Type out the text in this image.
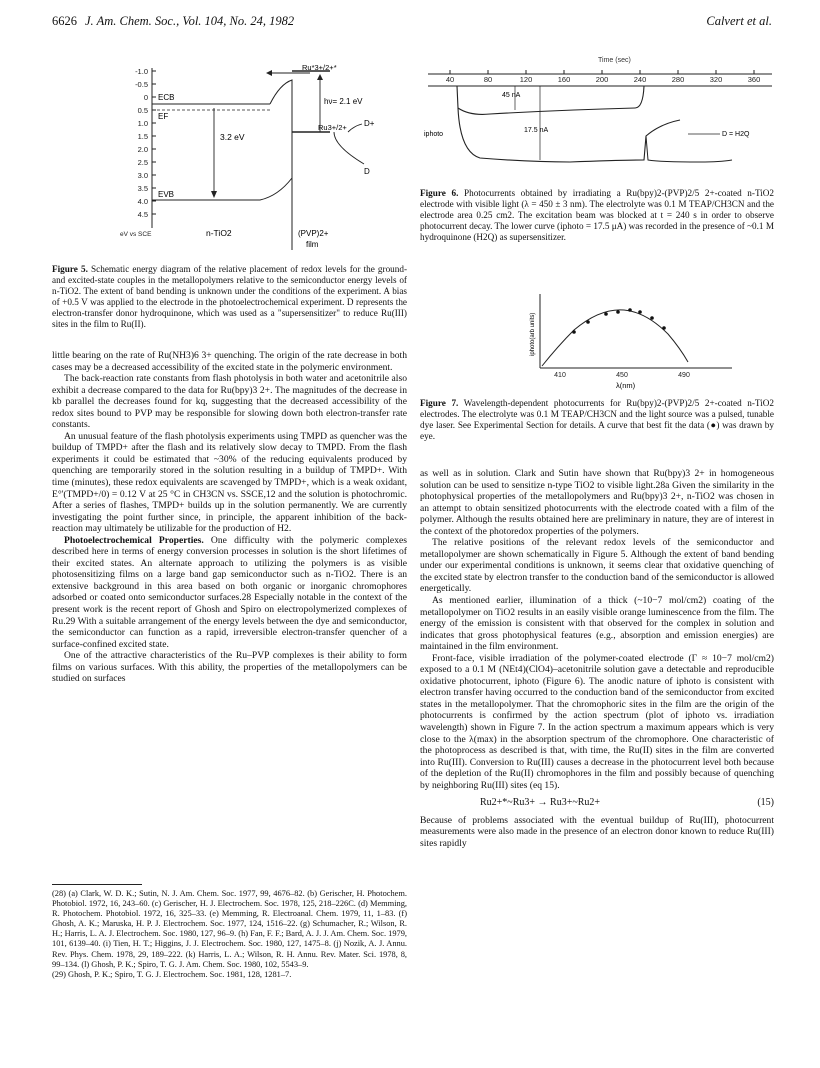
6626 J. Am. Chem. Soc., Vol. 104, No. 24, 1982	Calvert et al.
-1.0
-0.5
0
0.5
1.0
1.5
2.0
2.5
3.0
3.5
4.0
4.5
eV vs SCE
ECB
EF
EVB
3.2 eV
Ru*3+/2+*
Ru3+/2+
hν= 2.1 eV
D+
D
n-TiO2	(PVP)2+
film
Figure 5. Schematic energy diagram of the relative placement of redox levels for the ground- and excited-state couples in the metallopolymers relative to the semiconductor energy levels of n-TiO2. The extent of band bending is unknown under the conditions of the experiment. A bias of +0.5 V was applied to the electrode in the photoelectrochemical experiment. D represents the electron-transfer donor hydroquinone, which was used as a "supersensitizer" to reduce Ru(III) sites in the film to Ru(II).

little bearing on the rate of Ru(NH3)6 3+ quenching. The origin of the rate decrease in both cases may be a decreased accessibility of the excited state in the polymeric environment.

The back-reaction rate constants from flash photolysis in both water and acetonitrile also exhibit a decrease compared to the data for Ru(bpy)3 2+. The magnitudes of the decrease in kb parallel the decreases found for kq, suggesting that the decreased accessibility of the redox sites bound to PVP may be responsible for slowing down both electron-transfer rate constants.

An unusual feature of the flash photolysis experiments using TMPD as quencher was the buildup of TMPD+ after the flash and its relatively slow decay to TMPD. From the flash experiments it could be estimated that ~30% of the reducing equivalents produced by quenching are temporarily stored in the solution resulting in a buildup of TMPD+. With time (minutes), these redox equivalents are scavenged by TMPD+, which is a weak oxidant, E°'(TMPD+/0) = 0.12 V at 25 °C in CH3CN vs. SSCE,12 and the solution is photochromic. After a series of flashes, TMPD+ builds up in the solution permanently. We are currently investigating the point further since, in principle, the apparent inhibition of the back-reaction may ultimately be utilizable for the production of H2.

Photoelectrochemical Properties. One difficulty with the polymeric complexes described here in terms of energy conversion processes in solution is the short lifetimes of their excited states. An alternate approach to utilizing the polymers is as visible photosensitizing films on a large band gap semiconductor such as n-TiO2. There is an extensive background in this area based on both organic or inorganic chromophores adsorbed or coated onto semiconductor surfaces.28 Especially notable in the context of the present work is the recent report of Ghosh and Spiro on electropolymerized complexes of Ru.29 With a suitable arrangement of the energy levels between the dye and semiconductor, the semiconductor can function as a rapid, irreversible electron-transfer quencher of a surface-confined excited state.

One of the attractive characteristics of the Ru–PVP complexes is their ability to form films on various surfaces. With this ability, the properties of the metallopolymers can be studied on surfaces

(28) (a) Clark, W. D. K.; Sutin, N. J. Am. Chem. Soc. 1977, 99, 4676–82. (b) Gerischer, H. Photochem. Photobiol. 1972, 16, 243–60. (c) Gerischer, H. J. Electrochem. Soc. 1978, 125, 218–226C. (d) Memming, R. Photochem. Photobiol. 1972, 16, 325–33. (e) Memming, R. Electroanal. Chem. 1979, 11, 1–83. (f) Ghosh, A. K.; Maruska, H. P. J. Electrochem. Soc. 1977, 124, 1516–22. (g) Schumacher, R.; Wilson, R. H.; Harris, L. A. J. Electrochem. Soc. 1980, 127, 96–9. (h) Fan, F. F.; Bard, A. J. J. Am. Chem. Soc. 1979, 101, 6139–40. (i) Tien, H. T.; Higgins, J. J. Electrochem. Soc. 1980, 127, 1475–8. (j) Nozik, A. J. Annu. Rev. Phys. Chem. 1978, 29, 189–222. (k) Harris, L. A.; Wilson, R. H. Annu. Rev. Mater. Sci. 1978, 8, 99–134. (l) Ghosh, P. K.; Spiro, T. G. J. Am. Chem. Soc. 1980, 102, 5543–9.

(29) Ghosh, P. K.; Spiro, T. G. J. Electrochem. Soc. 1981, 128, 1281–7.

Time (sec)
40	80	120	160	200	240	280	320	360
45 nA
17.5 nA
iphoto	D = H2Q
Figure 6. Photocurrents obtained by irradiating a Ru(bpy)2-(PVP)2/5 2+-coated n-TiO2 electrode with visible light (λ = 450 ± 3 nm). The electrolyte was 0.1 M TEAP/CH3CN and the electrode area 0.25 cm2. The excitation beam was blocked at t = 240 s in order to observe photocurrent decay. The lower curve (iphoto = 17.5 μA) was recorded in the presence of ~0.1 M hydroquinone (H2Q) as supersensitizer.
iphoto(arb units)
410	450	490
λ(nm)
Figure 7. Wavelength-dependent photocurrents for Ru(bpy)2-(PVP)2/5 2+-coated n-TiO2 electrodes. The electrolyte was 0.1 M TEAP/CH3CN and the light source was a pulsed, tunable dye laser. See Experimental Section for details. A curve that best fit the data (●) was drawn by eye.

as well as in solution. Clark and Sutin have shown that Ru(bpy)3 2+ in homogeneous solution can be used to sensitize n-type TiO2 to visible light.28a Given the similarity in the photophysical properties of the metallopolymers and Ru(bpy)3 2+, n-TiO2 was chosen in an attempt to obtain sensitized photocurrents with the electrode coated with a film of the polymer. Although the results obtained here are preliminary in nature, they are of interest in the context of the photoredox properties of the polymers.

The relative positions of the relevant redox levels of the semiconductor and metallopolymer are shown schematically in Figure 5. Although the extent of band bending under our experimental conditions is unknown, it seems clear that oxidative quenching of the excited state by electron transfer to the conduction band of the semiconductor is allowed energetically.

As mentioned earlier, illumination of a thick (~10−7 mol/cm2) coating of the metallopolymer on TiO2 results in an easily visible orange luminescence from the film. The energy of the emission is consistent with that observed for the complex in solution and indicates that gross photophysical features (e.g., absorption and emission energies) are maintained in the film environment.

Front-face, visible irradiation of the polymer-coated electrode (Γ ≈ 10−7 mol/cm2) exposed to a 0.1 M (NEt4)(ClO4)–acetonitrile solution gave a detectable and reproducible oxidative photocurrent, iphoto (Figure 6). The anodic nature of iphoto is consistent with electron transfer having occurred to the conduction band of the semiconductor from excited states in the metallopolymer. That the chromophoric sites in the film are the origin of the photocurrents is confirmed by the action spectrum (plot of iphoto vs. irradiation wavelength) shown in Figure 7. In the action spectrum a maximum appears which is very close to the λ(max) in the absorption spectrum of the chromophore. One characteristic of the photoprocess as described is that, with time, the Ru(II) sites in the film are converted into Ru(III). Conversion to Ru(III) causes a decrease in the photocurrent level both because of the depletion of the Ru(II) chromophores in the film and possibly because of quenching by neighboring Ru(III) sites (eq 15).

Ru2+*~Ru3+ → Ru3+~Ru2+	(15)

Because of problems associated with the eventual buildup of Ru(III), photocurrent measurements were also made in the presence of an electron donor known to reduce Ru(III) sites rapidly
